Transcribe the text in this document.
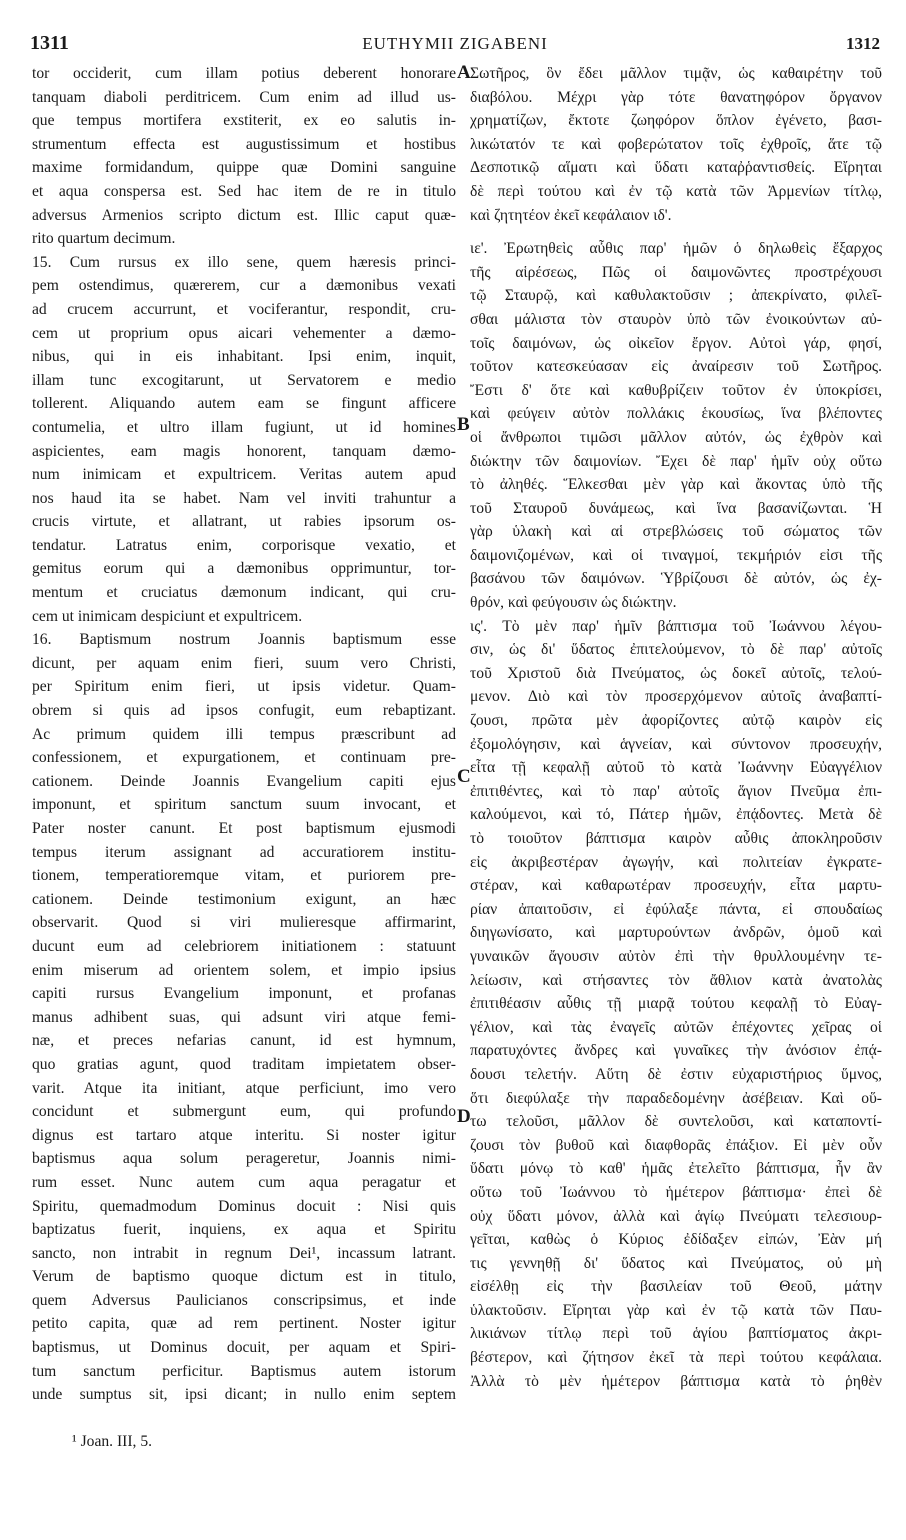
1311	EUTHYMII ZIGABENI	1312
tor occiderit, cum illam potius deberent honorare
tanquam diaboli perditricem. Cum enim ad illud us-
que tempus mortifera exstiterit, ex eo salutis in-
strumentum effecta est augustissimum et hostibus
maxime formidandum, quippe quæ Domini sanguine
et aqua conspersa est. Sed hac item de re in titulo
adversus Armenios scripto dictum est. Illic caput quæ-
rito quartum decimum.
15. Cum rursus ex illo sene, quem hæresis princi-
pem ostendimus, quærerem, cur a dæmonibus vexati
ad crucem accurrunt, et vociferantur, respondit, cru-
cem ut proprium opus aicari vehementer a dæmo-
nibus, qui in eis inhabitant. Ipsi enim, inquit,
illam tunc excogitarunt, ut Servatorem e medio
tollerent. Aliquando autem eam se fingunt afficere
contumelia, et ultro illam fugiunt, ut id homines
aspicientes, eam magis honorent, tanquam dæmo-
num inimicam et expultricem. Veritas autem apud
nos haud ita se habet. Nam vel inviti trahuntur a
crucis virtute, et allatrant, ut rabies ipsorum os-
tendatur. Latratus enim, corporisque vexatio, et
gemitus eorum qui a dæmonibus opprimuntur, tor-
mentum et cruciatus dæmonum indicant, qui cru-
cem ut inimicam despiciunt et expultricem.
16. Baptismum nostrum Joannis baptismum esse
dicunt, per aquam enim fieri, suum vero Christi,
per Spiritum enim fieri, ut ipsis videtur. Quam-
obrem si quis ad ipsos confugit, eum rebaptizant.
Ac primum quidem illi tempus præscribunt ad
confessionem, et expurgationem, et continuam pre-
cationem. Deinde Joannis Evangelium capiti ejus
imponunt, et spiritum sanctum suum invocant, et
Pater noster canunt. Et post baptismum ejusmodi
tempus iterum assignant ad accuratiorem institu-
tionem, temperatioremque vitam, et puriorem pre-
cationem. Deinde testimonium exigunt, an hæc
observarit. Quod si viri mulieresque affirmarint,
ducunt eum ad celebriorem initiationem : statuunt
enim miserum ad orientem solem, et impio ipsius
capiti rursus Evangelium imponunt, et profanas
manus adhibent suas, qui adsunt viri atque femi-
næ, et preces nefarias canunt, id est hymnum,
quo gratias agunt, quod traditam impietatem obser-
varit. Atque ita initiant, atque perficiunt, imo vero
concidunt et submergunt eum, qui profundo
dignus est tartaro atque interitu. Si noster igitur
baptismus aqua solum perageretur, Joannis nimi-
rum esset. Nunc autem cum aqua peragatur et
Spiritu, quemadmodum Dominus docuit : Nisi quis
baptizatus fuerit, inquiens, ex aqua et Spiritu
sancto, non intrabit in regnum Dei¹, incassum latrant.
Verum de baptismo quoque dictum est in titulo,
quem Adversus Paulicianos conscripsimus, et inde
petito capita, quæ ad rem pertinent. Noster igitur
baptismus, ut Dominus docuit, per aquam et Spiri-
tum sanctum perficitur. Baptismus autem istorum
unde sumptus sit, ipsi dicant; in nullo enim septem
Σωτῆρος, ὃν ἔδει μᾶλλον τιμᾷν, ὡς καθαιρέτην τοῦ
διαβόλου. Μέχρι γὰρ τότε θανατηφόρον ὄργανον
χρηματίζων, ἔκτοτε ζωηφόρον ὅπλον ἐγένετο, βασι-
λικώτατόν τε καὶ φοβερώτατον τοῖς ἐχθροῖς, ἅτε τῷ
Δεσποτικῷ αἵματι καὶ ὕδατι καταῤῥαντισθείς. Εἴρηται
δὲ περὶ τούτου καὶ ἐν τῷ κατὰ τῶν Ἀρμενίων τίτλῳ,
καὶ ζητητέον ἐκεῖ κεφάλαιον ιδ'.
ιε'. Ἐρωτηθεὶς αὖθις παρ' ἡμῶν ὁ δηλωθεὶς ἔξαρχος
τῆς αἱρέσεως, Πῶς οἱ δαιμονῶντες προστρέχουσι
τῷ Σταυρῷ, καὶ καθυλακτοῦσιν ; ἀπεκρίνατο, φιλεῖ-
σθαι μάλιστα τὸν σταυρὸν ὑπὸ τῶν ἐνοικούντων αὐ-
τοῖς δαιμόνων, ὡς οἰκεῖον ἔργον. Αὐτοὶ γάρ, φησί,
τοῦτον κατεσκεύασαν εἰς ἀναίρεσιν τοῦ Σωτῆρος.
Ἔστι δ' ὅτε καὶ καθυβρίζειν τοῦτον ἐν ὑποκρίσει,
καὶ φεύγειν αὐτὸν πολλάκις ἑκουσίως, ἵνα βλέποντες
οἱ ἄνθρωποι τιμῶσι μᾶλλον αὐτόν, ὡς ἐχθρὸν καὶ
διώκτην τῶν δαιμονίων. Ἔχει δὲ παρ' ἡμῖν οὐχ οὕτω
τὸ ἀληθές. Ἕλκεσθαι μὲν γὰρ καὶ ἄκοντας ὑπὸ τῆς
τοῦ Σταυροῦ δυνάμεως, καὶ ἵνα βασανίζωνται. Ἡ
γὰρ ὑλακὴ καὶ αἱ στρεβλώσεις τοῦ σώματος τῶν
δαιμονιζομένων, καὶ οἱ τιναγμοί, τεκμήριόν εἰσι τῆς
βασάνου τῶν δαιμόνων. Ὑβρίζουσι δὲ αὐτόν, ὡς ἐχ-
θρόν, καὶ φεύγουσιν ὡς διώκτην.
ις'. Τὸ μὲν παρ' ἡμῖν βάπτισμα τοῦ Ἰωάννου λέγου-
σιν, ὡς δι' ὕδατος ἐπιτελούμενον, τὸ δὲ παρ' αὐτοῖς
τοῦ Χριστοῦ διὰ Πνεύματος, ὡς δοκεῖ αὐτοῖς, τελού-
μενον. Διὸ καὶ τὸν προσερχόμενον αὐτοῖς ἀναβαπτί-
ζουσι, πρῶτα μὲν ἀφορίζοντες αὐτῷ καιρὸν εἰς
ἐξομολόγησιν, καὶ ἁγνείαν, καὶ σύντονον προσευχήν,
εἶτα τῇ κεφαλῇ αὐτοῦ τὸ κατὰ Ἰωάννην Εὐαγγέλιον
ἐπιτιθέντες, καὶ τὸ παρ' αὐτοῖς ἅγιον Πνεῦμα ἐπι-
καλούμενοι, καὶ τό, Πάτερ ἡμῶν, ἐπᾴδοντες. Μετὰ δὲ
τὸ τοιοῦτον βάπτισμα καιρὸν αὖθις ἀποκληροῦσιν
εἰς ἀκριβεστέραν ἀγωγήν, καὶ πολιτείαν ἐγκρατε-
στέραν, καὶ καθαρωτέραν προσευχήν, εἶτα μαρτυ-
ρίαν ἀπαιτοῦσιν, εἰ ἐφύλαξε πάντα, εἰ σπουδαίως
διηγωνίσατο, καὶ μαρτυρούντων ἀνδρῶν, ὁμοῦ καὶ
γυναικῶν ἄγουσιν αὐτὸν ἐπὶ τὴν θρυλλουμένην τε-
λείωσιν, καὶ στήσαντες τὸν ἄθλιον κατὰ ἀνατολὰς
ἐπιτιθέασιν αὖθις τῇ μιαρᾷ τούτου κεφαλῇ τὸ Εὐαγ-
γέλιον, καὶ τὰς ἐναγεῖς αὐτῶν ἐπέχοντες χεῖρας οἱ
παρατυχόντες ἄνδρες καὶ γυναῖκες τὴν ἀνόσιον ἐπᾴ-
δουσι τελετήν. Αὕτη δὲ ἐστιν εὐχαριστήριος ὕμνος,
ὅτι διεφύλαξε τὴν παραδεδομένην ἀσέβειαν. Καὶ οὕ-
τω τελοῦσι, μᾶλλον δὲ συντελοῦσι, καὶ καταποντί-
ζουσι τὸν βυθοῦ καὶ διαφθορᾶς ἐπάξιον. Εἰ μὲν οὖν
ὕδατι μόνῳ τὸ καθ' ἡμᾶς ἐτελεῖτο βάπτισμα, ἦν ἂν
οὕτω τοῦ Ἰωάννου τὸ ἡμέτερον βάπτισμα· ἐπεὶ δὲ
οὐχ ὕδατι μόνον, ἀλλὰ καὶ ἁγίῳ Πνεύματι τελεσιουρ-
γεῖται, καθὼς ὁ Κύριος ἐδίδαξεν εἰπών, Ἐὰν μή
τις γεννηθῇ δι' ὕδατος καὶ Πνεύματος, οὐ μὴ
εἰσέλθῃ εἰς τὴν βασιλείαν τοῦ Θεοῦ, μάτην
ὑλακτοῦσιν. Εἴρηται γὰρ καὶ ἐν τῷ κατὰ τῶν Παυ-
λικιάνων τίτλῳ περὶ τοῦ ἁγίου βαπτίσματος ἀκρι-
βέστερον, καὶ ζήτησον ἐκεῖ τὰ περὶ τούτου κεφάλαια.
Ἀλλὰ τὸ μὲν ἡμέτερον βάπτισμα κατὰ τὸ ῥηθὲν
A
B
C
D
¹ Joan. III, 5.
